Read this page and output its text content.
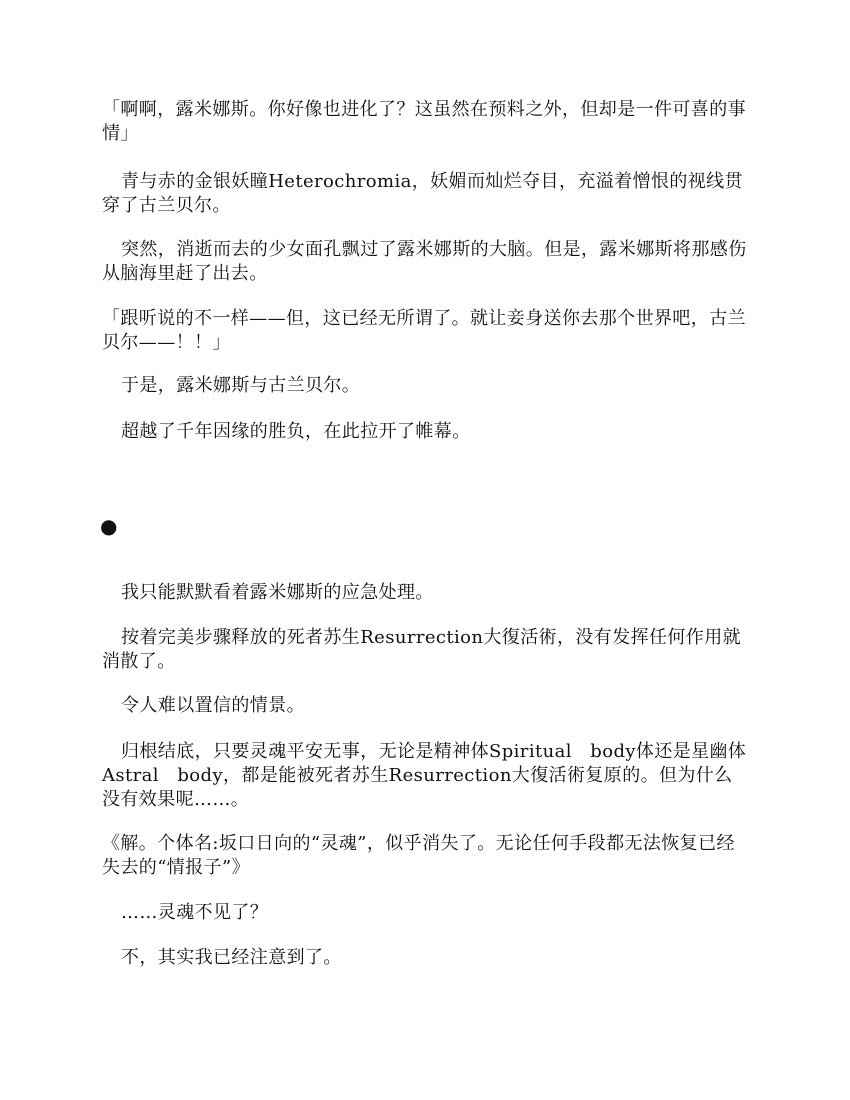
「啊啊，露米娜斯。你好像也进化了？这虽然在预料之外，但却是一件可喜的事情」

青与赤的金银妖瞳Heterochromia，妖媚而灿烂夺目，充溢着憎恨的视线贯穿了古兰贝尔。

突然，消逝而去的少女面孔飘过了露米娜斯的大脑。但是，露米娜斯将那感伤从脑海里赶了出去。

「跟听说的不一样——但，这已经无所谓了。就让妾身送你去那个世界吧，古兰贝尔——！！」

于是，露米娜斯与古兰贝尔。

超越了千年因缘的胜负，在此拉开了帷幕。

●

我只能默默看着露米娜斯的应急处理。

按着完美步骤释放的死者苏生Resurrection大復活術，没有发挥任何作用就消散了。

令人难以置信的情景。

归根结底，只要灵魂平安无事，无论是精神体Spiritual　body体还是星幽体Astral　body，都是能被死者苏生Resurrection大復活術复原的。但为什么没有效果呢……。

《解。个体名:坂口日向的“灵魂”，似乎消失了。无论任何手段都无法恢复已经失去的“情报子”》

……灵魂不见了？

不，其实我已经注意到了。
